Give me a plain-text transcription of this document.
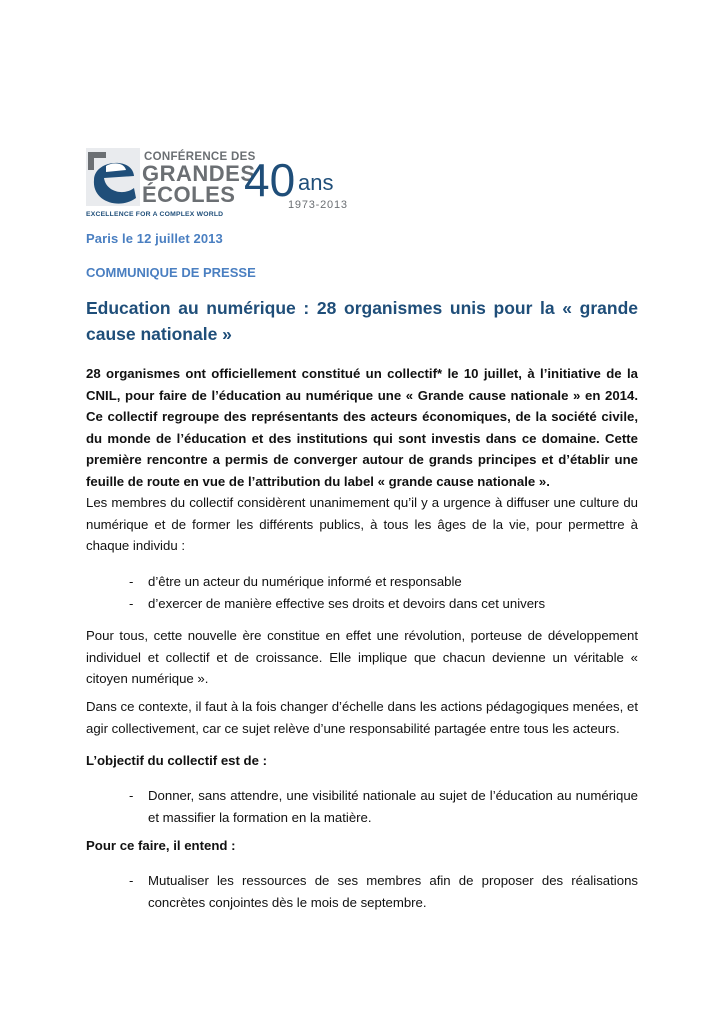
CONFÉRENCE DES
GRANDES
ÉCOLES
EXCELLENCE FOR A COMPLEX WORLD
40 ans
1973-2013
Paris le 12 juillet 2013
COMMUNIQUE DE PRESSE
Education au numérique : 28 organismes unis pour la « grande cause nationale »

28 organismes ont officiellement constitué un collectif* le 10 juillet, à l’initiative de la CNIL, pour faire de l’éducation au numérique une « Grande cause nationale » en 2014. Ce collectif regroupe des représentants des acteurs économiques, de la société civile, du monde de l’éducation et des institutions qui sont investis dans ce domaine. Cette première rencontre a permis de converger autour de grands principes et d’établir une feuille de route en vue de l’attribution du label « grande cause nationale ».

Les membres du collectif considèrent unanimement qu’il y a urgence à diffuser une culture du numérique et de former les différents publics, à tous les âges de la vie, pour permettre à chaque individu :

- d’être un acteur du numérique informé et responsable
- d’exercer de manière effective ses droits et devoirs dans cet univers

Pour tous, cette nouvelle ère constitue en effet une révolution, porteuse de développement individuel et collectif et de croissance. Elle implique que chacun devienne un véritable « citoyen numérique ».

Dans ce contexte, il faut à la fois changer d’échelle dans les actions pédagogiques menées, et agir collectivement, car ce sujet relève d’une responsabilité partagée entre tous les acteurs.

L’objectif du collectif est de :

- Donner, sans attendre, une visibilité nationale au sujet de l’éducation au numérique et massifier la formation en la matière.

Pour ce faire, il entend :

- Mutualiser les ressources de ses membres afin de proposer des réalisations concrètes conjointes dès le mois de septembre.
